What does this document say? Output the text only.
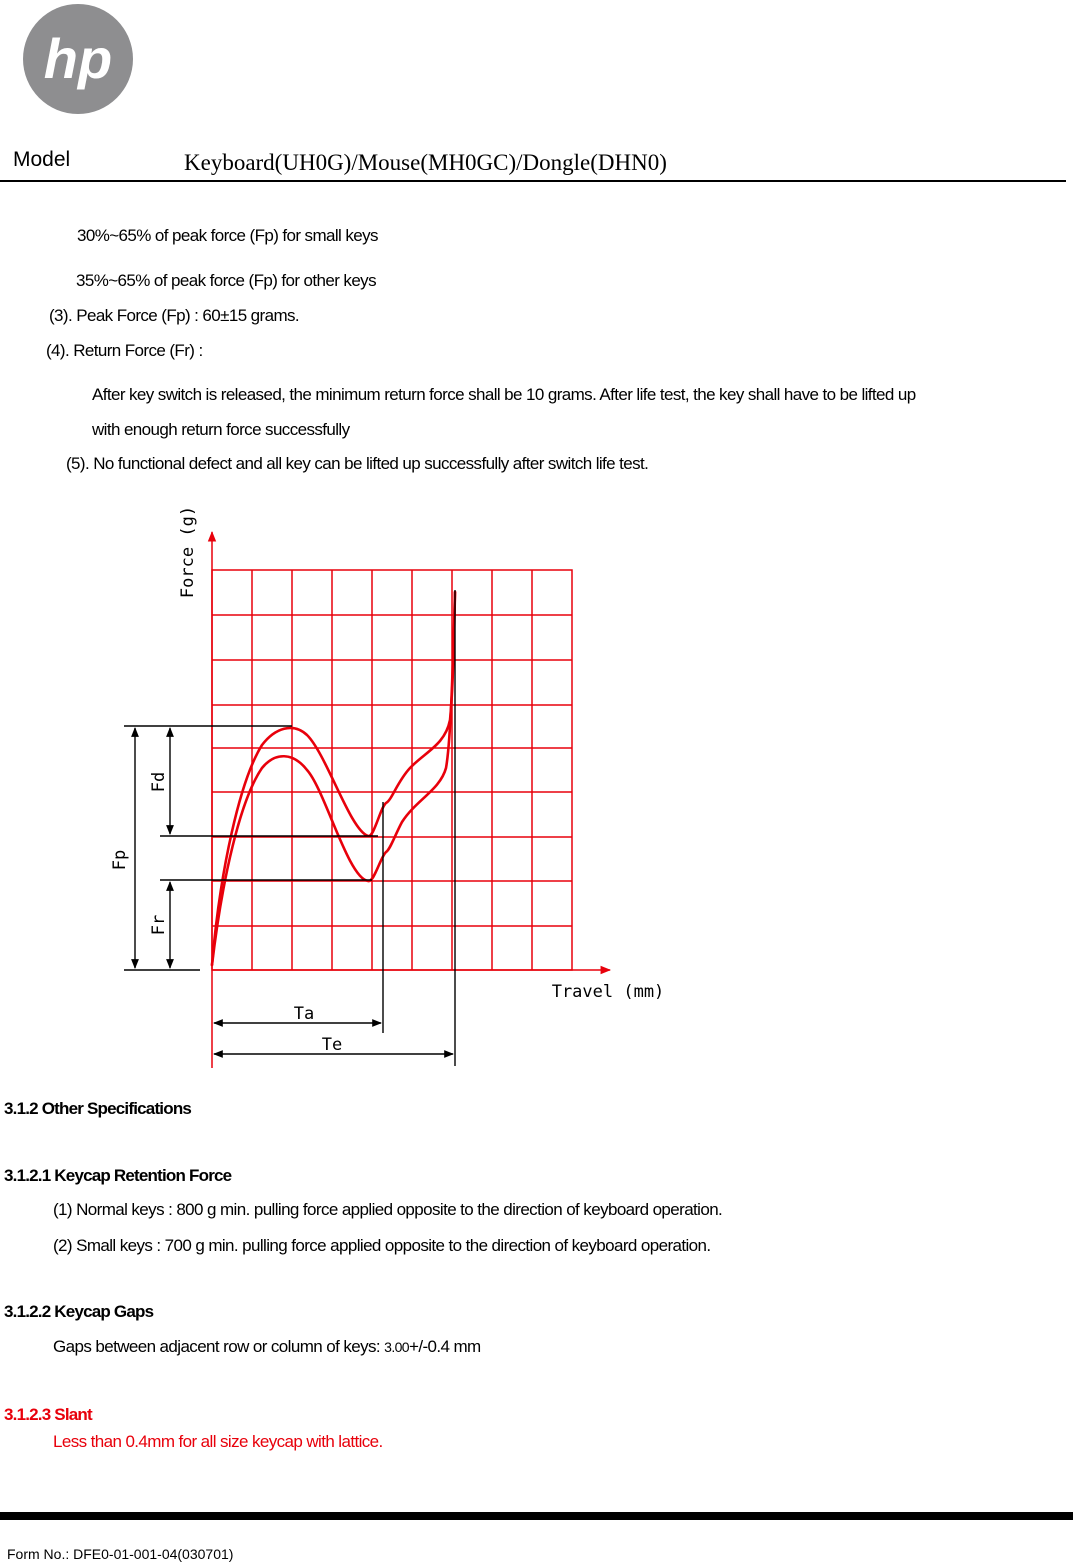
hp
Model	Keyboard(UH0G)/Mouse(MH0GC)/Dongle(DHN0)
30%~65% of peak force (Fp) for small keys
35%~65% of peak force (Fp) for other keys
(3). Peak Force (Fp) : 60±15 grams.
(4). Return Force (Fr) :
After key switch is released, the minimum return force shall be 10 grams. After life test, the key shall have to be lifted up
with enough return force successfully
(5). No functional defect and all key can be lifted up successfully after switch life test.
Fd
Fp
Fr
Ta
Te
Force (g)
Travel (mm)
3.1.2 Other Specifications
3.1.2.1 Keycap Retention Force
(1) Normal keys : 800 g min. pulling force applied opposite to the direction of keyboard operation.
(2) Small keys : 700 g min. pulling force applied opposite to the direction of keyboard operation.
3.1.2.2 Keycap Gaps
Gaps between adjacent row or column of keys: 3.00+/-0.4 mm
3.1.2.3 Slant
Less than 0.4mm for all size keycap with lattice.
Form No.: DFE0-01-001-04(030701)
